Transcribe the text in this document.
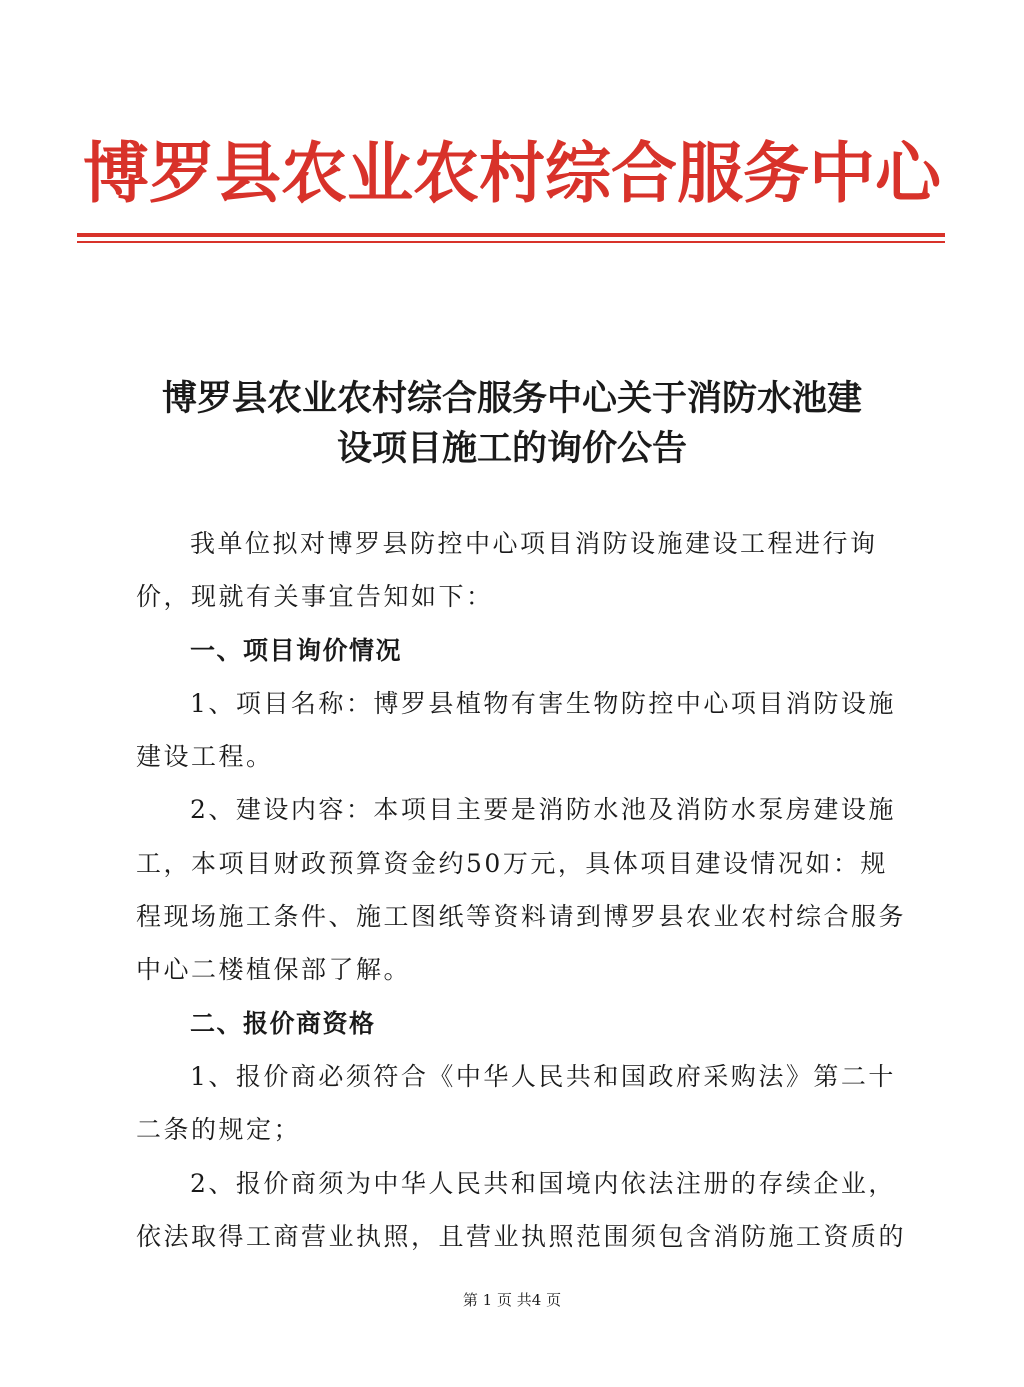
博罗县农业农村综合服务中心
博罗县农业农村综合服务中心关于消防水池建
设项目施工的询价公告

我单位拟对博罗县防控中心项目消防设施建设工程进行询

价，现就有关事宜告知如下：

一、项目询价情况

1、项目名称：博罗县植物有害生物防控中心项目消防设施

建设工程。

2、建设内容：本项目主要是消防水池及消防水泵房建设施

工，本项目财政预算资金约50万元，具体项目建设情况如：规

程现场施工条件、施工图纸等资料请到博罗县农业农村综合服务

中心二楼植保部了解。

二、报价商资格

1、报价商必须符合《中华人民共和国政府采购法》第二十

二条的规定；

2、报价商须为中华人民共和国境内依法注册的存续企业，

依法取得工商营业执照，且营业执照范围须包含消防施工资质的

第 1 页 共4 页
